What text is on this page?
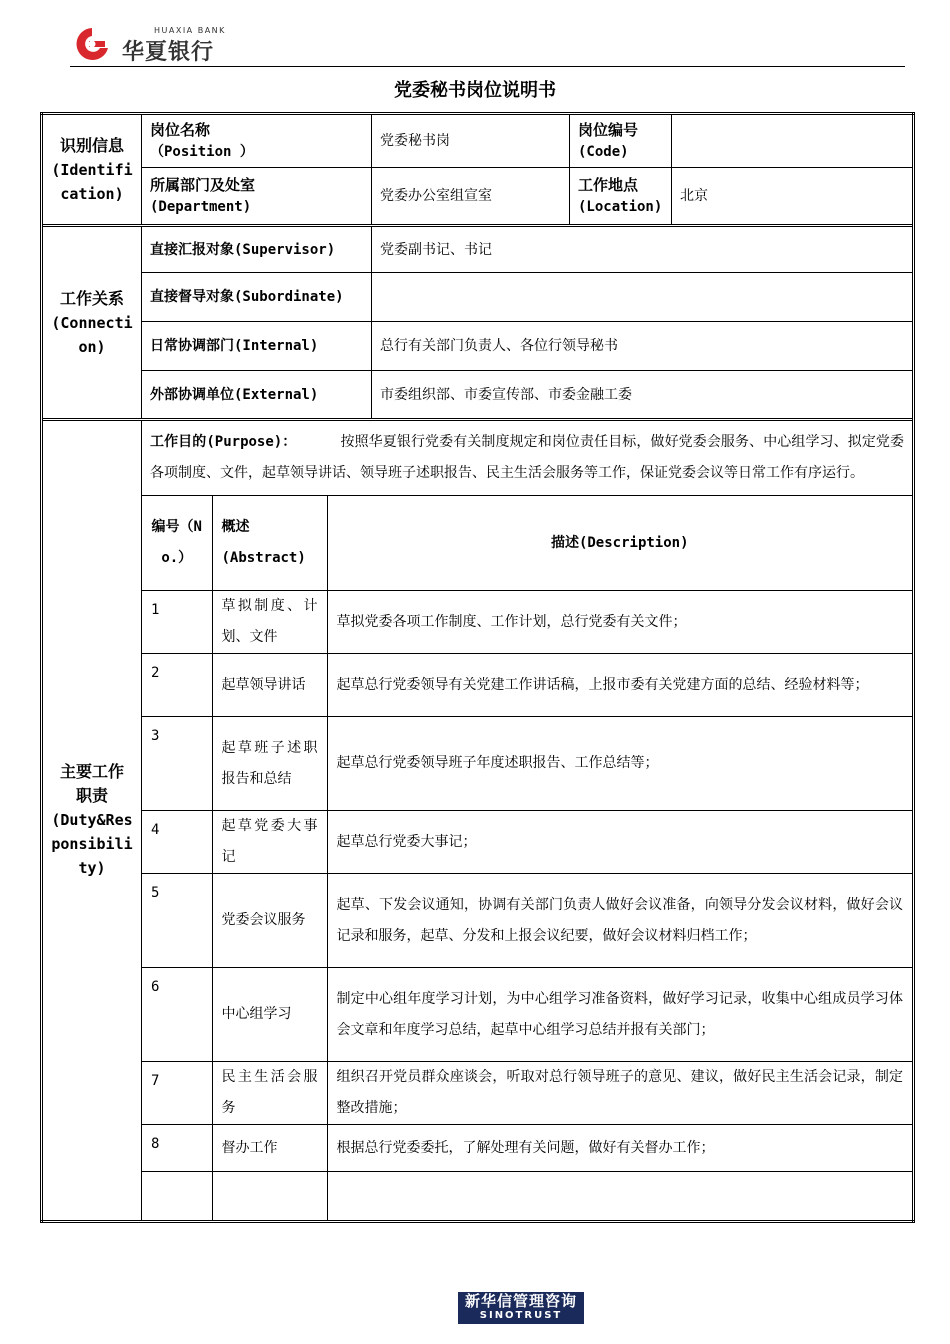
HUAXIA BANK
华夏银行
党委秘书岗位说明书
识别信息
(Identification)

岗位名称
（Position ）
	党委秘书岗	
岗位编号
(Code)

所属部门及处室
(Department)
	党委办公室组宣室	
工作地点
(Location)
	北京
工作关系
(Connection)
	直接汇报对象(Supervisor)	党委副书记、书记
直接督导对象(Subordinate)	
日常协调部门(Internal)	总行有关部门负责人、各位行领导秘书
外部协调单位(External)	市委组织部、市委宣传部、市委金融工委

主要工作职责
(Duty&Responsibility)

工作目的(Purpose)：	按照华夏银行党委有关制度规定和岗位责任目标，做好党委会服务、中心组学习、拟定党委各项制度、文件，起草领导讲话、领导班子述职报告、民主生活会服务等工作，保证党委会议等日常工作有序运行。
编号（No.）	概述(Abstract)	描述(Description)
1	草拟制度、计划、文件	草拟党委各项工作制度、工作计划，总行党委有关文件；
2	起草领导讲话	起草总行党委领导有关党建工作讲话稿，上报市委有关党建方面的总结、经验材料等；
3	起草班子述职报告和总结	起草总行党委领导班子年度述职报告、工作总结等；
4	起草党委大事记	起草总行党委大事记；
5	党委会议服务	起草、下发会议通知，协调有关部门负责人做好会议准备，向领导分发会议材料，做好会议记录和服务，起草、分发和上报会议纪要，做好会议材料归档工作；
6	中心组学习	制定中心组年度学习计划，为中心组学习准备资料，做好学习记录，收集中心组成员学习体会文章和年度学习总结，起草中心组学习总结并报有关部门；
7	民主生活会服务	组织召开党员群众座谈会，听取对总行领导班子的意见、建议，做好民主生活会记录，制定整改措施；
8	督办工作	根据总行党委委托，了解处理有关问题，做好有关督办工作；

新华信管理咨询
SINOTRUST
